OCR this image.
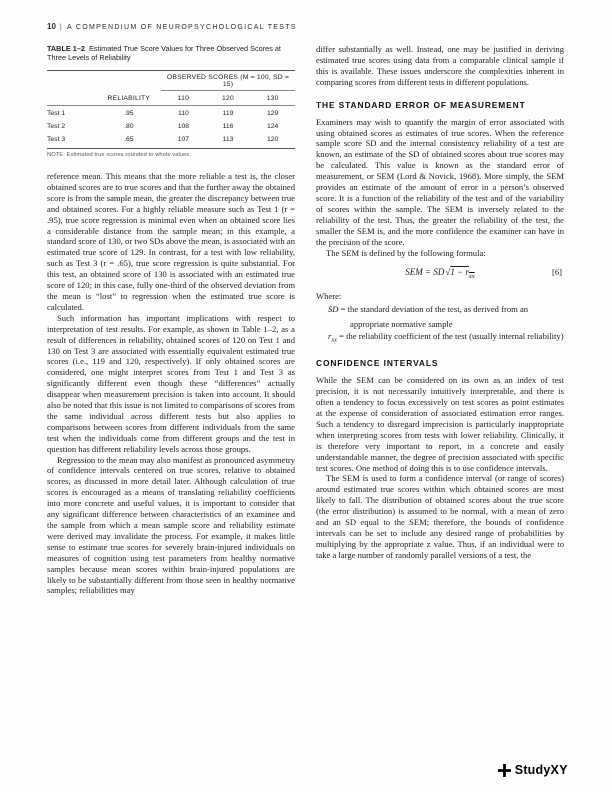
10 | A COMPENDIUM OF NEUROPSYCHOLOGICAL TESTS
TABLE 1–2 Estimated True Score Values for Three Observed Scores at Three Levels of Reliability
		OBSERVED SCORES (M = 100, SD = 15)		
	RELIABILITY	110	120	130
Test 1	.95	110	119	129
Test 2	.80	108	116	124
Test 3	.65	107	113	120
NOTE: Estimated true scores rounded to whole values.

reference mean. This means that the more reliable a test is, the closer obtained scores are to true scores and that the further away the obtained score is from the sample mean, the greater the discrepancy between true and obtained scores. For a highly reliable measure such as Test 1 (r = .95), true score regression is minimal even when an obtained score lies a considerable distance from the sample mean; in this example, a standard score of 130, or two SDs above the mean, is associated with an estimated true score of 129. In contrast, for a test with low reliability, such as Test 3 (r = .65), true score regression is quite substantial. For this test, an obtained score of 130 is associated with an estimated true score of 120; in this case, fully one-third of the observed deviation from the mean is “lost” to regression when the estimated true score is calculated.

Such information has important implications with respect to interpretation of test results. For example, as shown in Table 1–2, as a result of differences in reliability, obtained scores of 120 on Test 1 and 130 on Test 3 are associated with essentially equivalent estimated true scores (i.e., 119 and 120, respectively). If only obtained scores are considered, one might interpret scores from Test 1 and Test 3 as significantly different even though these “differences” actually disappear when measurement precision is taken into account. It should also be noted that this issue is not limited to comparisons of scores from the same individual across different tests but also applies to comparisons between scores from different individuals from the same test when the individuals come from different groups and the test in question has different reliability levels across those groups.

Regression to the mean may also manifest as pronounced asymmetry of confidence intervals centered on true scores, relative to obtained scores, as discussed in more detail later. Although calculation of true scores is encouraged as a means of translating reliability coefficients into more concrete and useful values, it is important to consider that any significant difference between characteristics of an examinee and the sample from which a mean sample score and reliability estimate were derived may invalidate the process. For example, it makes little sense to estimate true scores for severely brain-injured individuals on measures of cognition using test parameters from healthy normative samples because mean scores within brain-injured populations are likely to be substantially different from those seen in healthy normative samples; reliabilities may

differ substantially as well. Instead, one may be justified in deriving estimated true scores using data from a comparable clinical sample if this is available. These issues underscore the complexities inherent in comparing scores from different tests in different populations.

THE STANDARD ERROR OF MEASUREMENT

Examiners may wish to quantify the margin of error associated with using obtained scores as estimates of true scores. When the reference sample score SD and the internal consistency reliability of a test are known, an estimate of the SD of obtained scores about true scores may be calculated. This value is known as the standard error of measurement, or SEM (Lord & Novick, 1968). More simply, the SEM provides an estimate of the amount of error in a person’s observed score. It is a function of the reliability of the test and of the variability of scores within the sample. The SEM is inversely related to the reliability of the test. Thus, the greater the reliability of the test, the smaller the SEM is, and the more confidence the examiner can have in the precision of the score.

The SEM is defined by the following formula:

SEM = $SD√1 - r_{xx}$	[6]

Where:

SD = the standard deviation of the test, as derived from an appropriate normative sample

$r_{xx}$ = the reliability coefficient of the test (usually internal reliability)

CONFIDENCE INTERVALS

While the SEM can be considered on its own as an index of test precision, it is not necessarily intuitively interpretable, and there is often a tendency to focus excessively on test scores as point estimates at the expense of consideration of associated estimation error ranges. Such a tendency to disregard imprecision is particularly inappropriate when interpreting scores from tests with lower reliability. Clinically, it is therefore very important to report, in a concrete and easily understandable manner, the degree of precision associated with specific test scores. One method of doing this is to use confidence intervals.

The SEM is used to form a confidence interval (or range of scores) around estimated true scores within which obtained scores are most likely to fall. The distribution of obtained scores about the true score (the error distribution) is assumed to be normal, with a mean of zero and an SD equal to the SEM; therefore, the bounds of confidence intervals can be set to include any desired range of probabilities by multiplying by the appropriate z value. Thus, if an individual were to take a large number of randomly parallel versions of a test, the

StudyXY
